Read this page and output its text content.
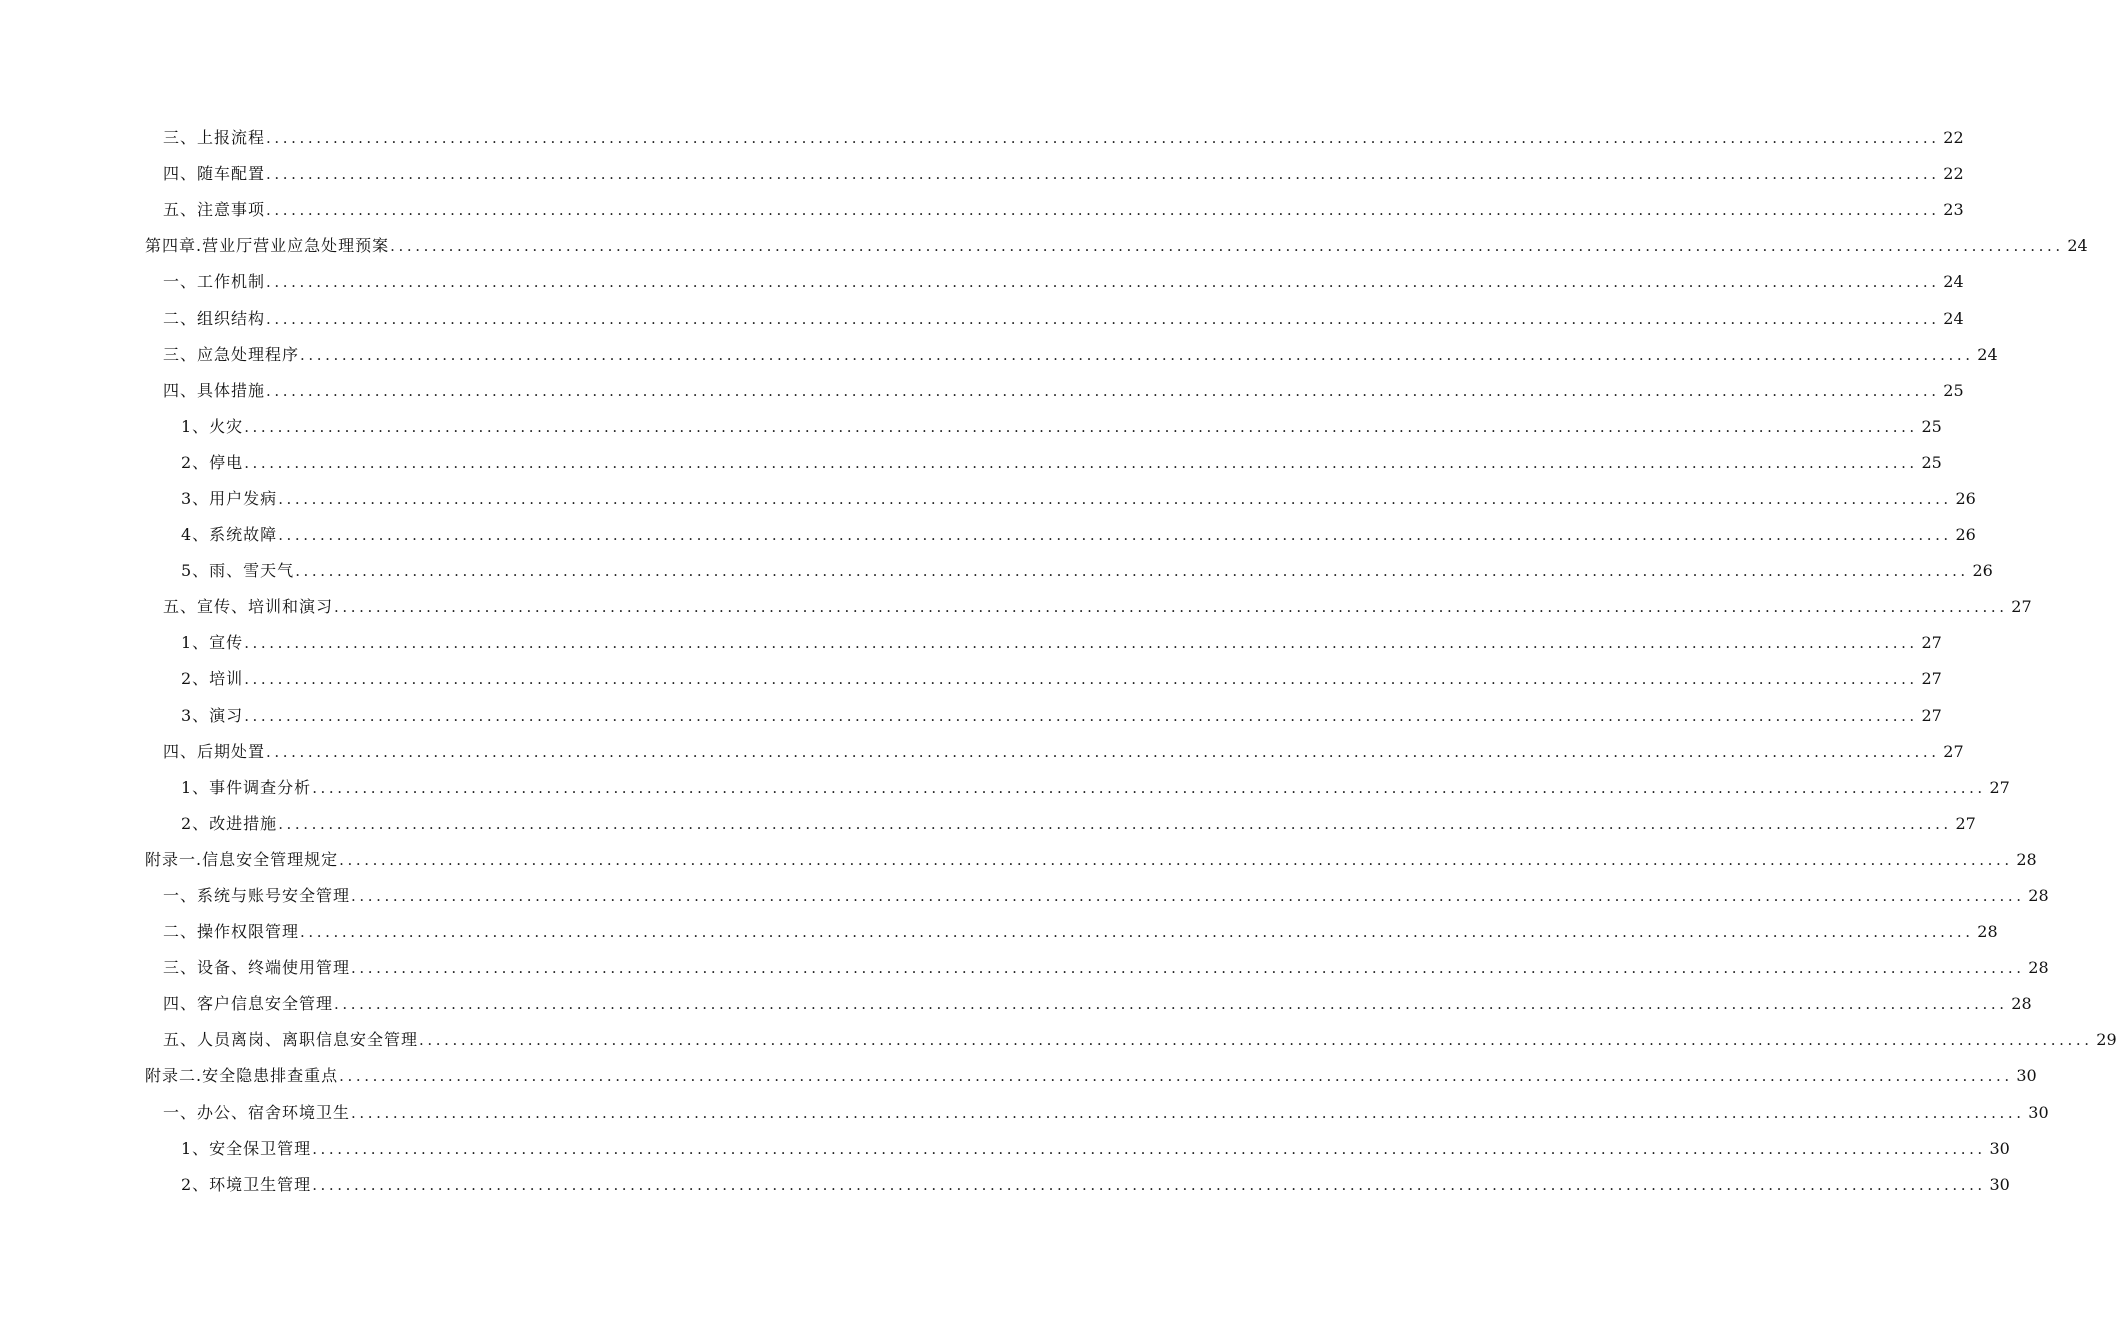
三、上报流程 ........................................................................................................................................................................................................ 22
四、随车配置 ........................................................................................................................................................................................................ 22
五、注意事项 ........................................................................................................................................................................................................ 23
第四章.营业厅营业应急处理预案 ........................................................................................................................................................................................................ 24
一、工作机制 ........................................................................................................................................................................................................ 24
二、组织结构 ........................................................................................................................................................................................................ 24
三、应急处理程序 ........................................................................................................................................................................................................ 24
四、具体措施 ........................................................................................................................................................................................................ 25
1、火灾 ........................................................................................................................................................................................................ 25
2、停电 ........................................................................................................................................................................................................ 25
3、用户发病 ........................................................................................................................................................................................................ 26
4、系统故障 ........................................................................................................................................................................................................ 26
5、雨、雪天气 ........................................................................................................................................................................................................ 26
五、宣传、培训和演习 ........................................................................................................................................................................................................ 27
1、宣传 ........................................................................................................................................................................................................ 27
2、培训 ........................................................................................................................................................................................................ 27
3、演习 ........................................................................................................................................................................................................ 27
四、后期处置 ........................................................................................................................................................................................................ 27
1、事件调查分析 ........................................................................................................................................................................................................ 27
2、改进措施 ........................................................................................................................................................................................................ 27
附录一.信息安全管理规定 ........................................................................................................................................................................................................ 28
一、系统与账号安全管理 ........................................................................................................................................................................................................ 28
二、操作权限管理 ........................................................................................................................................................................................................ 28
三、设备、终端使用管理 ........................................................................................................................................................................................................ 28
四、客户信息安全管理 ........................................................................................................................................................................................................ 28
五、人员离岗、离职信息安全管理 ........................................................................................................................................................................................................ 29
附录二.安全隐患排查重点 ........................................................................................................................................................................................................ 30
一、办公、宿舍环境卫生 ........................................................................................................................................................................................................ 30
1、安全保卫管理 ........................................................................................................................................................................................................ 30
2、环境卫生管理 ........................................................................................................................................................................................................ 30
